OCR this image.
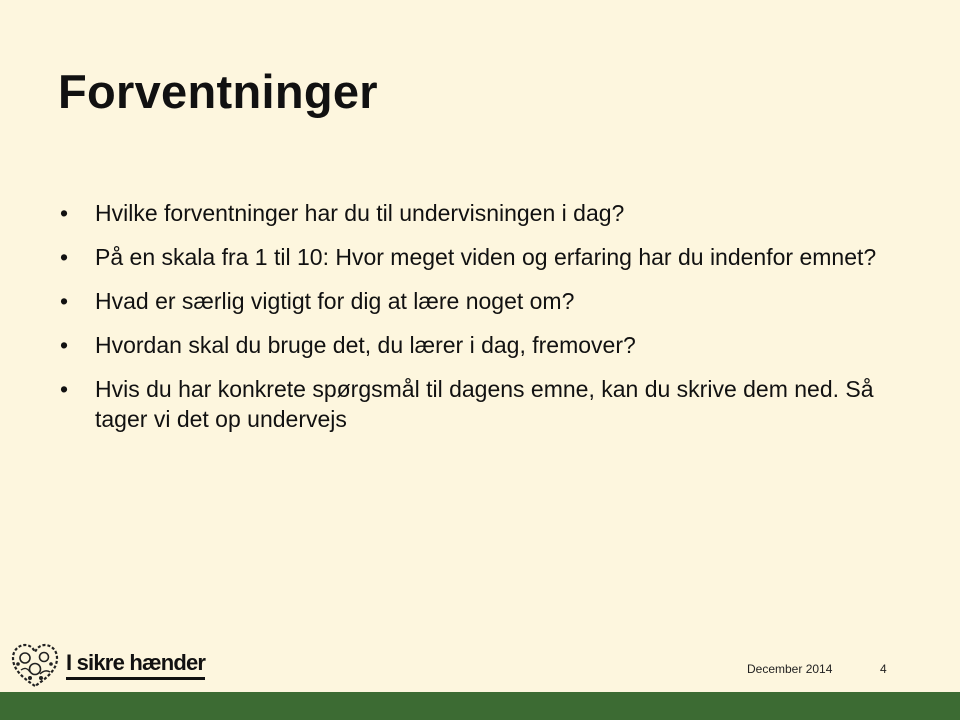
Forventninger
• Hvilke forventninger har du til undervisningen i dag?
• På en skala fra 1 til 10: Hvor meget viden og erfaring har du indenfor emnet?
• Hvad er særlig vigtigt for dig at lære noget om?
• Hvordan skal du bruge det, du lærer i dag, fremover?
• Hvis du har konkrete spørgsmål til dagens emne, kan du skrive dem ned. Så tager vi det op undervejs
I sikre hænder	December 2014	4
